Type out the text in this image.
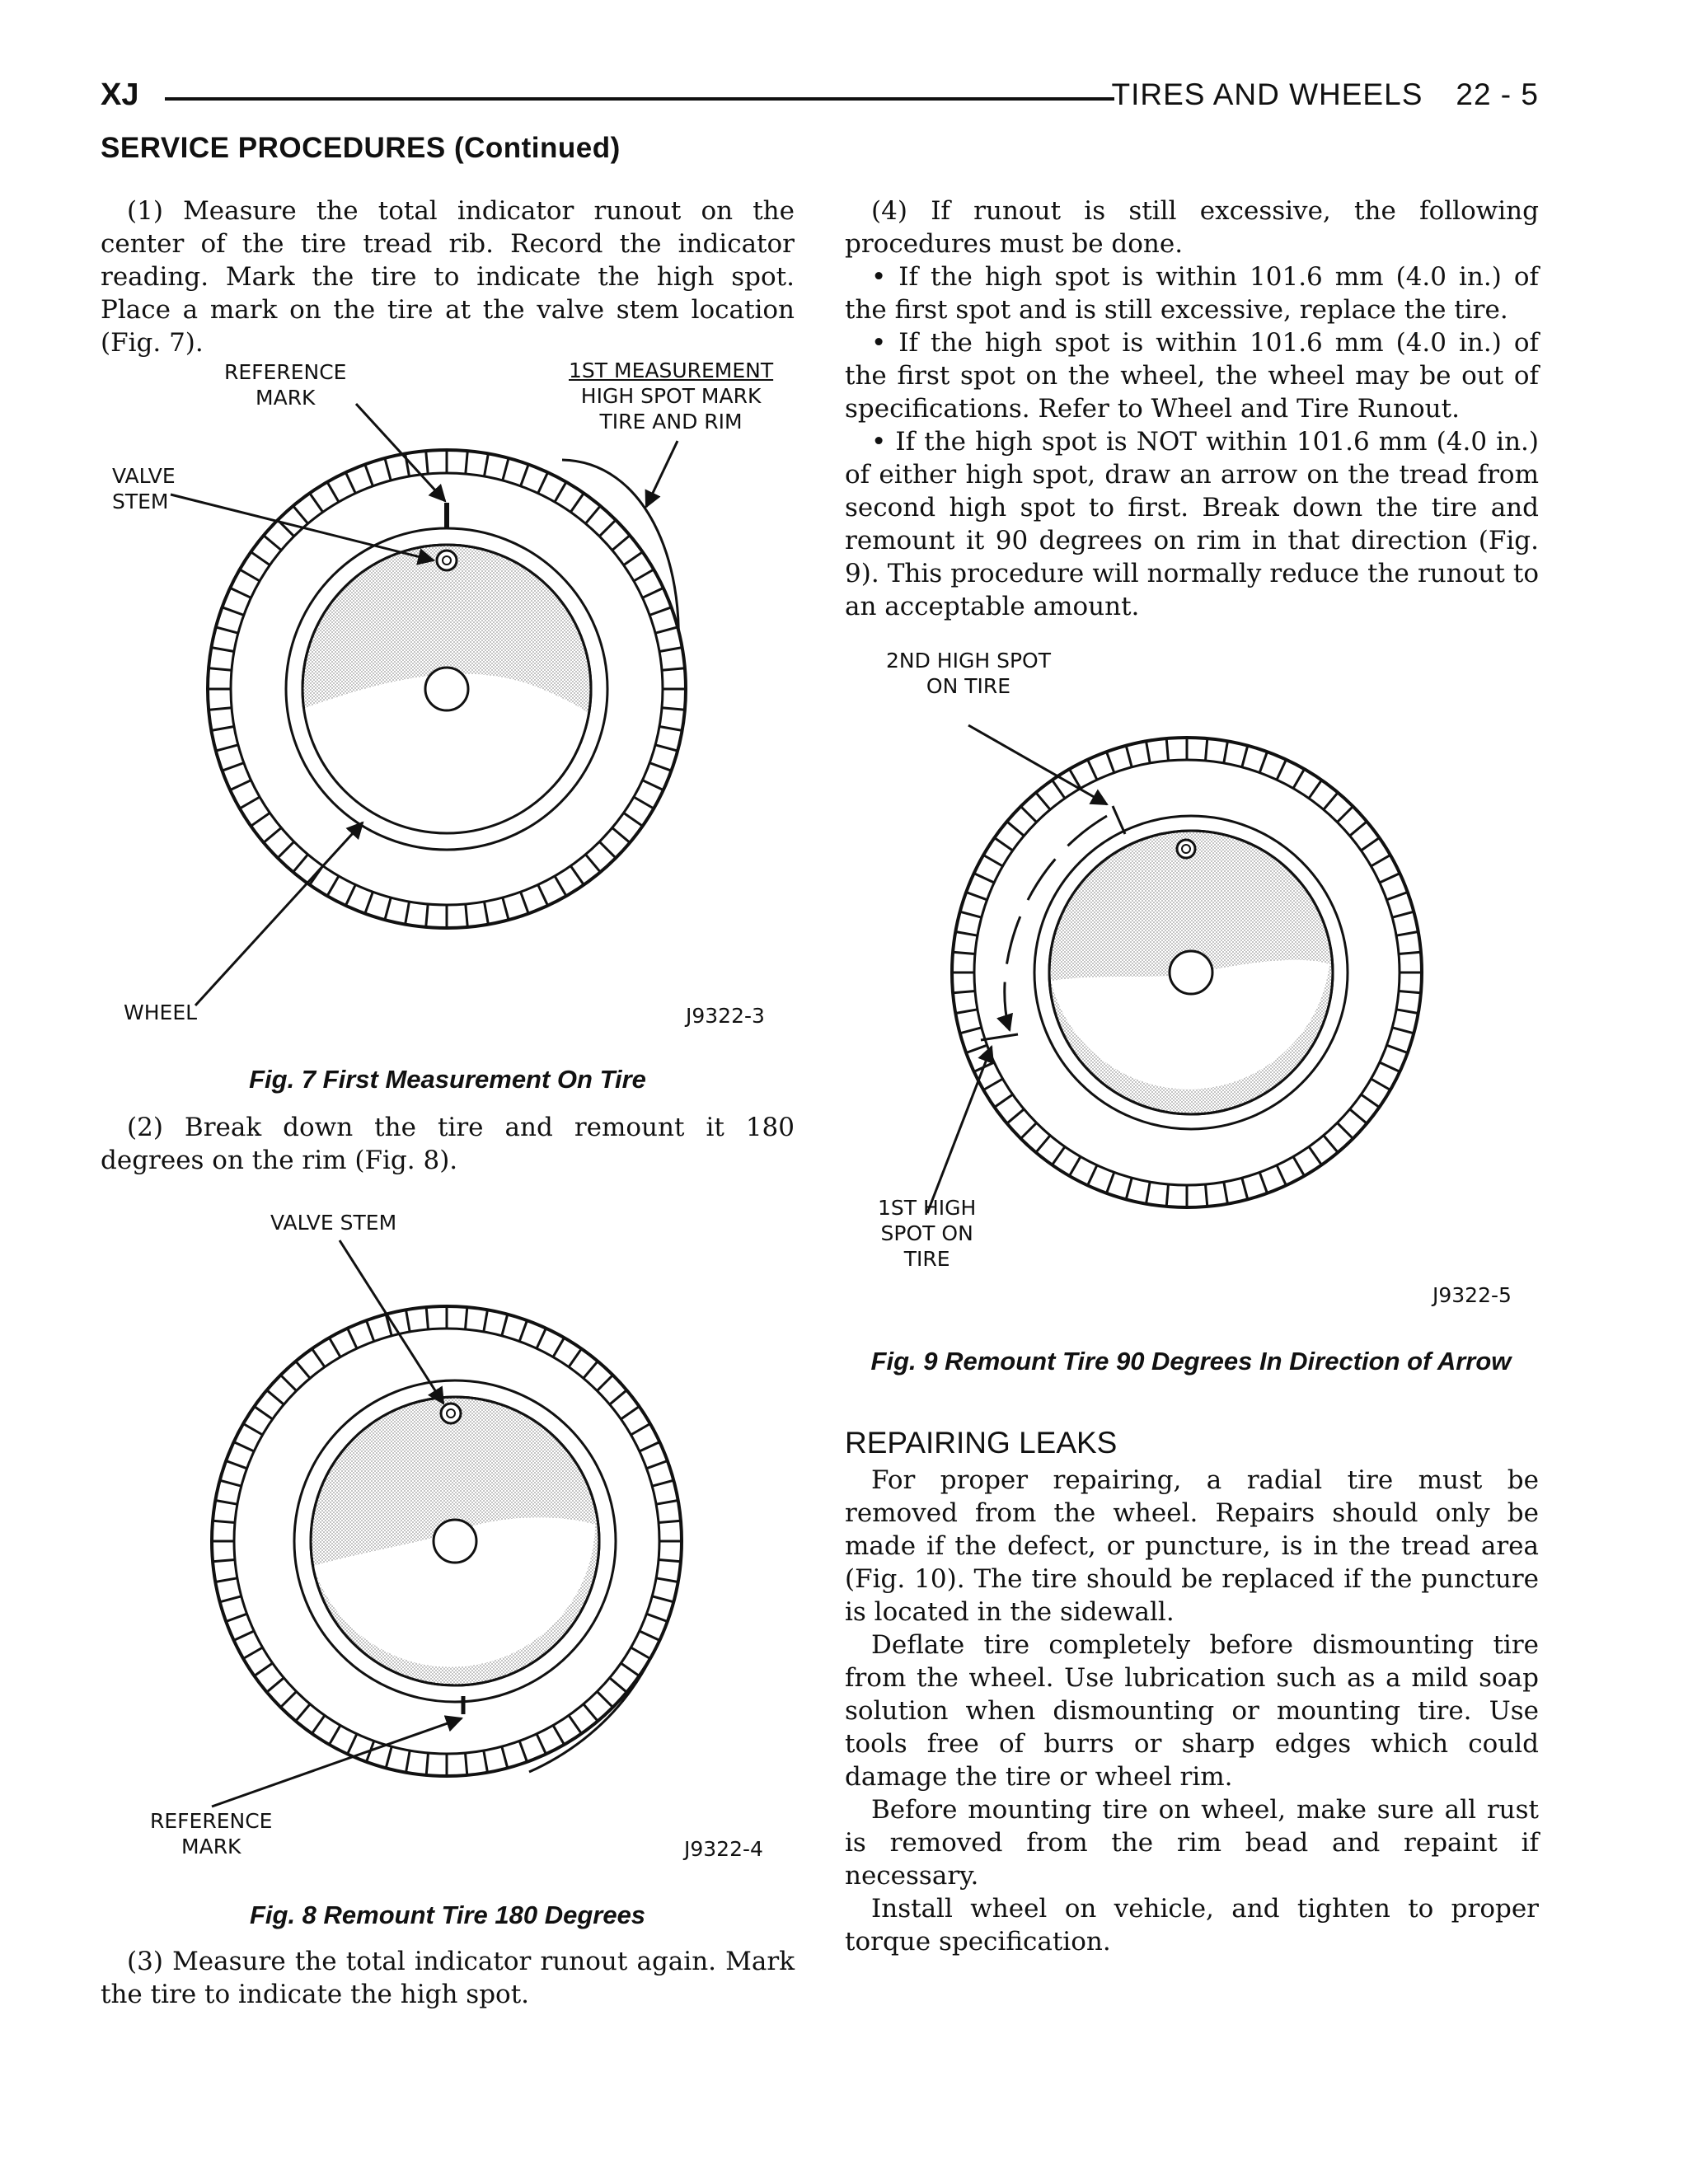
XJ	TIRES AND WHEELS 22 - 5
SERVICE PROCEDURES (Continued)

(1) Measure the total indicator runout on the center of the tire tread rib. Record the indicator reading. Mark the tire to indicate the high spot. Place a mark on the tire at the valve stem location (Fig. 7).

REFERENCE
MARK
1ST MEASUREMENT
HIGH SPOT MARK
TIRE AND RIM
VALVE
STEM
WHEEL	J9322-3
Fig. 7 First Measurement On Tire

(2) Break down the tire and remount it 180 degrees on the rim (Fig. 8).

VALVE STEM
REFERENCE
MARK	J9322-4
Fig. 8 Remount Tire 180 Degrees

(3) Measure the total indicator runout again. Mark the tire to indicate the high spot.

(4) If runout is still excessive, the following procedures must be done.

• If the high spot is within 101.6 mm (4.0 in.) of the first spot and is still excessive, replace the tire.

• If the high spot is within 101.6 mm (4.0 in.) of the first spot on the wheel, the wheel may be out of specifications. Refer to Wheel and Tire Runout.

• If the high spot is NOT within 101.6 mm (4.0 in.) of either high spot, draw an arrow on the tread from second high spot to first. Break down the tire and remount it 90 degrees on rim in that direction (Fig. 9). This procedure will normally reduce the runout to an acceptable amount.

2ND HIGH SPOT
ON TIRE
1ST HIGH
SPOT ON
TIRE
J9322-5
Fig. 9 Remount Tire 90 Degrees In Direction of Arrow
REPAIRING LEAKS

For proper repairing, a radial tire must be removed from the wheel. Repairs should only be made if the defect, or puncture, is in the tread area (Fig. 10). The tire should be replaced if the puncture is located in the sidewall.

Deflate tire completely before dismounting tire from the wheel. Use lubrication such as a mild soap solution when dismounting or mounting tire. Use tools free of burrs or sharp edges which could damage the tire or wheel rim.

Before mounting tire on wheel, make sure all rust is removed from the rim bead and repaint if necessary.

Install wheel on vehicle, and tighten to proper torque specification.
